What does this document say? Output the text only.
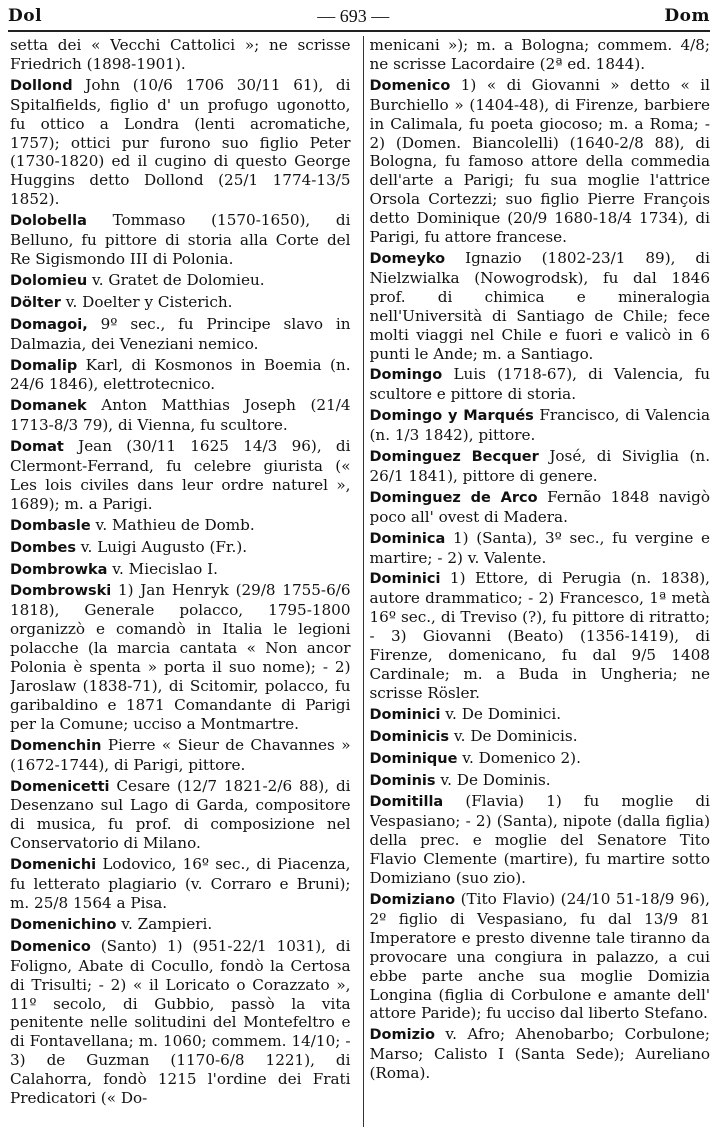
Dol	— 693 —	Dom

setta dei « Vecchi Cattolici »; ne scrisse Friedrich (1898-1901).

Dollond John (10/6 1706 30/11 61), di Spitalfields, figlio d' un profugo ugonotto, fu ottico a Londra (lenti acromatiche, 1757); ottici pur furono suo figlio Peter (1730-1820) ed il cugino di questo George Huggins detto Dollond (25/1 1774-13/5 1852).

Dolobella Tommaso (1570-1650), di Belluno, fu pittore di storia alla Corte del Re Sigismondo III di Polonia.

Dolomieu v. Gratet de Dolomieu.

Dölter v. Doelter y Cisterich.

Domagoi, 9º sec., fu Principe slavo in Dalmazia, dei Veneziani nemico.

Domalip Karl, di Kosmonos in Boemia (n. 24/6 1846), elettrotecnico.

Domanek Anton Matthias Joseph (21/4 1713-8/3 79), di Vienna, fu scultore.

Domat Jean (30/11 1625 14/3 96), di Clermont-Ferrand, fu celebre giurista (« Les lois civiles dans leur ordre naturel », 1689); m. a Parigi.

Dombasle v. Mathieu de Domb.

Dombes v. Luigi Augusto (Fr.).

Dombrowka v. Miecislao I.

Dombrowski 1) Jan Henryk (29/8 1755-6/6 1818), Generale polacco, 1795-1800 organizzò e comandò in Italia le legioni polacche (la marcia cantata « Non ancor Polonia è spenta » porta il suo nome); - 2) Jaroslaw (1838-71), di Scitomir, polacco, fu garibaldino e 1871 Comandante di Parigi per la Comune; ucciso a Montmartre.

Domenchin Pierre « Sieur de Chavannes » (1672-1744), di Parigi, pittore.

Domenicetti Cesare (12/7 1821-2/6 88), di Desenzano sul Lago di Garda, compositore di musica, fu prof. di composizione nel Conservatorio di Milano.

Domenichi Lodovico, 16º sec., di Piacenza, fu letterato plagiario (v. Corraro e Bruni); m. 25/8 1564 a Pisa.

Domenichino v. Zampieri.

Domenico (Santo) 1) (951-22/1 1031), di Foligno, Abate di Cocullo, fondò la Certosa di Trisulti; - 2) « il Loricato o Corazzato », 11º secolo, di Gubbio, passò la vita penitente nelle solitudini del Montefeltro e di Fontavellana; m. 1060; commem. 14/10; - 3) de Guzman (1170-6/8 1221), di Calahorra, fondò 1215 l'ordine dei Frati Predicatori (« Do-

menicani »); m. a Bologna; commem. 4/8; ne scrisse Lacordaire (2ª ed. 1844).

Domenico 1) « di Giovanni » detto « il Burchiello » (1404-48), di Firenze, barbiere in Calimala, fu poeta giocoso; m. a Roma; - 2) (Domen. Biancolelli) (1640-2/8 88), di Bologna, fu famoso attore della commedia dell'arte a Parigi; fu sua moglie l'attrice Orsola Cortezzi; suo figlio Pierre François detto Dominique (20/9 1680-18/4 1734), di Parigi, fu attore francese.

Domeyko Ignazio (1802-23/1 89), di Nielzwialka (Nowogrodsk), fu dal 1846 prof. di chimica e mineralogia nell'Università di Santiago de Chile; fece molti viaggi nel Chile e fuori e valicò in 6 punti le Ande; m. a Santiago.

Domingo Luis (1718-67), di Valencia, fu scultore e pittore di storia.

Domingo y Marqués Francisco, di Valencia (n. 1/3 1842), pittore.

Dominguez Becquer José, di Siviglia (n. 26/1 1841), pittore di genere.

Dominguez de Arco Fernão 1848 navigò poco all' ovest di Madera.

Dominica 1) (Santa), 3º sec., fu vergine e martire; - 2) v. Valente.

Dominici 1) Ettore, di Perugia (n. 1838), autore drammatico; - 2) Francesco, 1ª metà 16º sec., di Treviso (?), fu pittore di ritratto; - 3) Giovanni (Beato) (1356-1419), di Firenze, domenicano, fu dal 9/5 1408 Cardinale; m. a Buda in Ungheria; ne scrisse Rösler.

Dominici v. De Dominici.

Dominicis v. De Dominicis.

Dominique v. Domenico 2).

Dominis v. De Dominis.

Domitilla (Flavia) 1) fu moglie di Vespasiano; - 2) (Santa), nipote (dalla figlia) della prec. e moglie del Senatore Tito Flavio Clemente (martire), fu martire sotto Domiziano (suo zio).

Domiziano (Tito Flavio) (24/10 51-18/9 96), 2º figlio di Vespasiano, fu dal 13/9 81 Imperatore e presto divenne tale tiranno da provocare una congiura in palazzo, a cui ebbe parte anche sua moglie Domizia Longina (figlia di Corbulone e amante dell' attore Paride); fu ucciso dal liberto Stefano.

Domizio v. Afro; Ahenobarbo; Corbulone; Marso; Calisto I (Santa Sede); Aureliano (Roma).
